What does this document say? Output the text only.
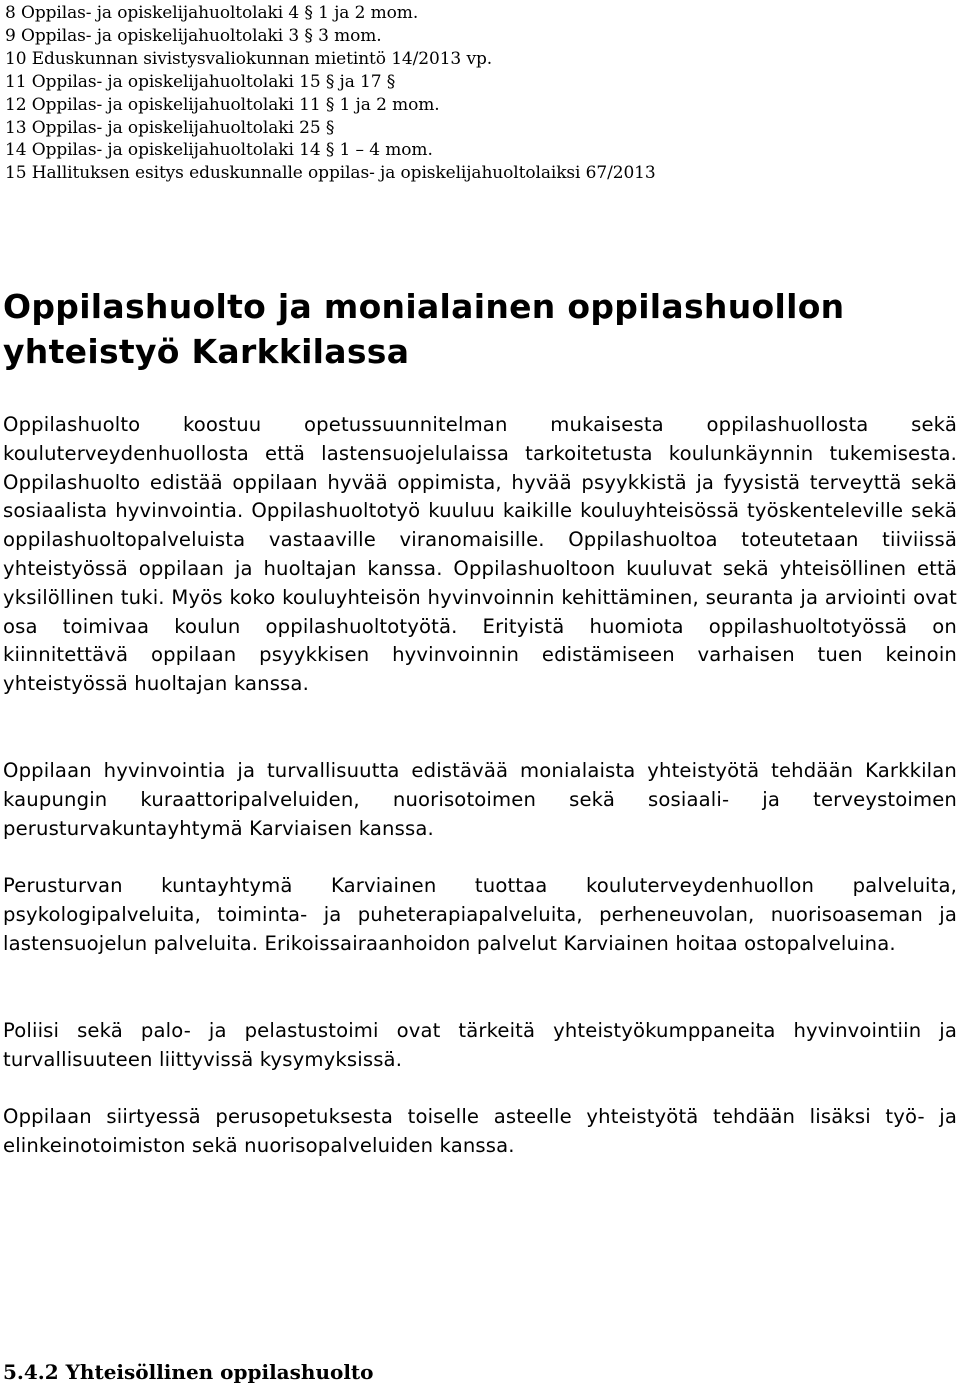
8 Oppilas- ja opiskelijahuoltolaki 4 § 1 ja 2 mom.
9 Oppilas- ja opiskelijahuoltolaki 3 § 3 mom.
10 Eduskunnan sivistysvaliokunnan mietintö 14/2013 vp.
11 Oppilas- ja opiskelijahuoltolaki 15 § ja 17 §
12 Oppilas- ja opiskelijahuoltolaki 11 § 1 ja 2 mom.
13 Oppilas- ja opiskelijahuoltolaki 25 §
14 Oppilas- ja opiskelijahuoltolaki 14 § 1 – 4 mom.
15 Hallituksen esitys eduskunnalle oppilas- ja opiskelijahuoltolaiksi 67/2013
Oppilashuolto ja monialainen oppilashuollon
yhteistyö Karkkilassa

Oppilashuolto koostuu opetussuunnitelman mukaisesta oppilashuollosta sekä kouluterveydenhuollosta että lastensuojelulaissa tarkoitetusta koulunkäynnin tukemisesta. Oppilashuolto edistää oppilaan hyvää oppimista, hyvää psyykkistä ja fyysistä terveyttä sekä sosiaalista hyvinvointia. Oppilashuoltotyö kuuluu kaikille kouluyhteisössä työskenteleville sekä oppilashuoltopalveluista vastaaville viranomaisille. Oppilashuoltoa toteutetaan tiiviissä yhteistyössä oppilaan ja huoltajan kanssa. Oppilashuoltoon kuuluvat sekä yhteisöllinen että yksilöllinen tuki. Myös koko kouluyhteisön hyvinvoinnin kehittäminen, seuranta ja arviointi ovat osa toimivaa koulun oppilashuoltotyötä. Erityistä huomiota oppilashuoltotyössä on kiinnitettävä oppilaan psyykkisen hyvinvoinnin edistämiseen varhaisen tuen keinoin yhteistyössä huoltajan kanssa.

Oppilaan hyvinvointia ja turvallisuutta edistävää monialaista yhteistyötä tehdään Karkkilan kaupungin kuraattoripalveluiden, nuorisotoimen sekä sosiaali- ja terveystoimen perusturvakuntayhtymä Karviaisen kanssa.

Perusturvan kuntayhtymä Karviainen tuottaa kouluterveydenhuollon palveluita, psykologipalveluita, toiminta- ja puheterapiapalveluita, perheneuvolan, nuorisoaseman ja lastensuojelun palveluita. Erikoissairaanhoidon palvelut Karviainen hoitaa ostopalveluina.

Poliisi sekä palo- ja pelastustoimi ovat tärkeitä yhteistyökumppaneita hyvinvointiin ja turvallisuuteen liittyvissä kysymyksissä.

Oppilaan siirtyessä perusopetuksesta toiselle asteelle yhteistyötä tehdään lisäksi työ- ja elinkeinotoimiston sekä nuorisopalveluiden kanssa.

5.4.2 Yhteisöllinen oppilashuolto
